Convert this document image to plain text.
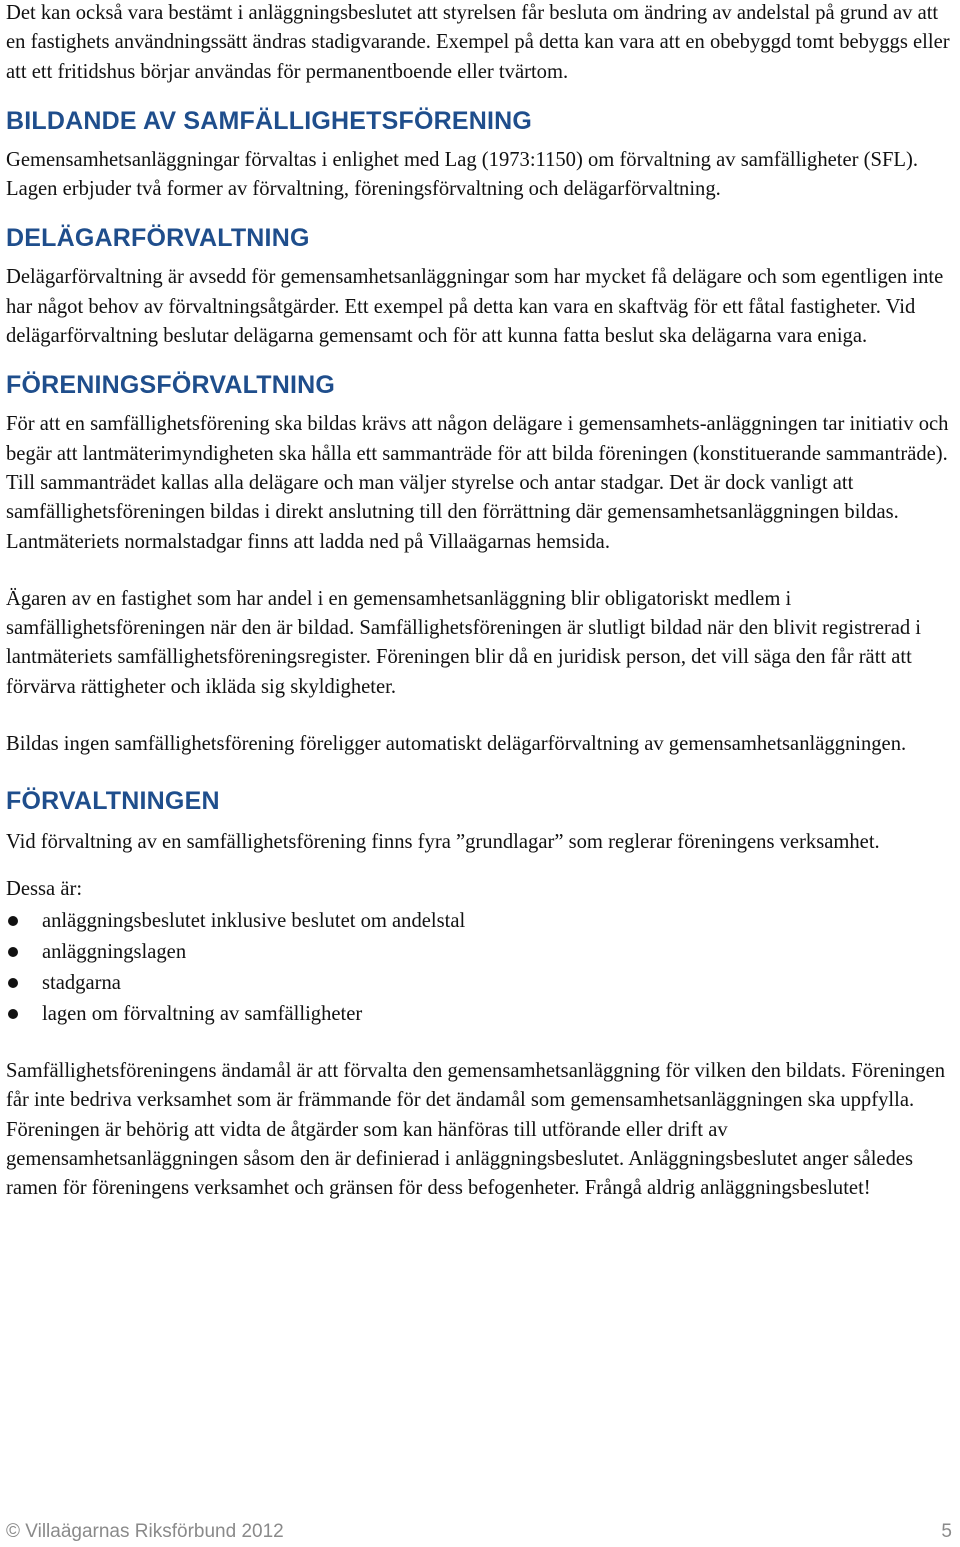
Det kan också vara bestämt i anläggningsbeslutet att styrelsen får besluta om ändring av andelstal på grund av att en fastighets användningssätt ändras stadigvarande. Exempel på detta kan vara att en obebyggd tomt bebyggs eller att ett fritidshus börjar användas för permanentboende eller tvärtom.

BILDANDE AV SAMFÄLLIGHETSFÖRENING

Gemensamhetsanläggningar förvaltas i enlighet med Lag (1973:1150) om förvaltning av samfälligheter (SFL). Lagen erbjuder två former av förvaltning, föreningsförvaltning och delägarförvaltning.

DELÄGARFÖRVALTNING

Delägarförvaltning är avsedd för gemensamhetsanläggningar som har mycket få delägare och som egentligen inte har något behov av förvaltningsåtgärder. Ett exempel på detta kan vara en skaftväg för ett fåtal fastigheter. Vid delägarförvaltning beslutar delägarna gemensamt och för att kunna fatta beslut ska delägarna vara eniga.

FÖRENINGSFÖRVALTNING

För att en samfällighetsförening ska bildas krävs att någon delägare i gemensamhets-anläggningen tar initiativ och begär att lantmäterimyndigheten ska hålla ett sammanträde för att bilda föreningen (konstituerande sammanträde). Till sammanträdet kallas alla delägare och man väljer styrelse och antar stadgar. Det är dock vanligt att samfällighetsföreningen bildas i direkt anslutning till den förrättning där gemensamhetsanläggningen bildas. Lantmäteriets normalstadgar finns att ladda ned på Villaägarnas hemsida.

Ägaren av en fastighet som har andel i en gemensamhetsanläggning blir obligatoriskt medlem i samfällighetsföreningen när den är bildad. Samfällighetsföreningen är slutligt bildad när den blivit registrerad i lantmäteriets samfällighetsföreningsregister. Föreningen blir då en juridisk person, det vill säga den får rätt att förvärva rättigheter och ikläda sig skyldigheter.

Bildas ingen samfällighetsförening föreligger automatiskt delägarförvaltning av gemensamhetsanläggningen.

FÖRVALTNINGEN

Vid förvaltning av en samfällighetsförening finns fyra ”grundlagar” som reglerar föreningens verksamhet.

Dessa är:

anläggningsbeslutet inklusive beslutet om andelstal
anläggningslagen
stadgarna
lagen om förvaltning av samfälligheter

Samfällighetsföreningens ändamål är att förvalta den gemensamhetsanläggning för vilken den bildats. Föreningen får inte bedriva verksamhet som är främmande för det ändamål som gemensamhetsanläggningen ska uppfylla. Föreningen är behörig att vidta de åtgärder som kan hänföras till utförande eller drift av gemensamhetsanläggningen såsom den är definierad i anläggningsbeslutet. Anläggningsbeslutet anger således ramen för föreningens verksamhet och gränsen för dess befogenheter. Frångå aldrig anläggningsbeslutet!

© Villaägarnas Riksförbund 2012	5
